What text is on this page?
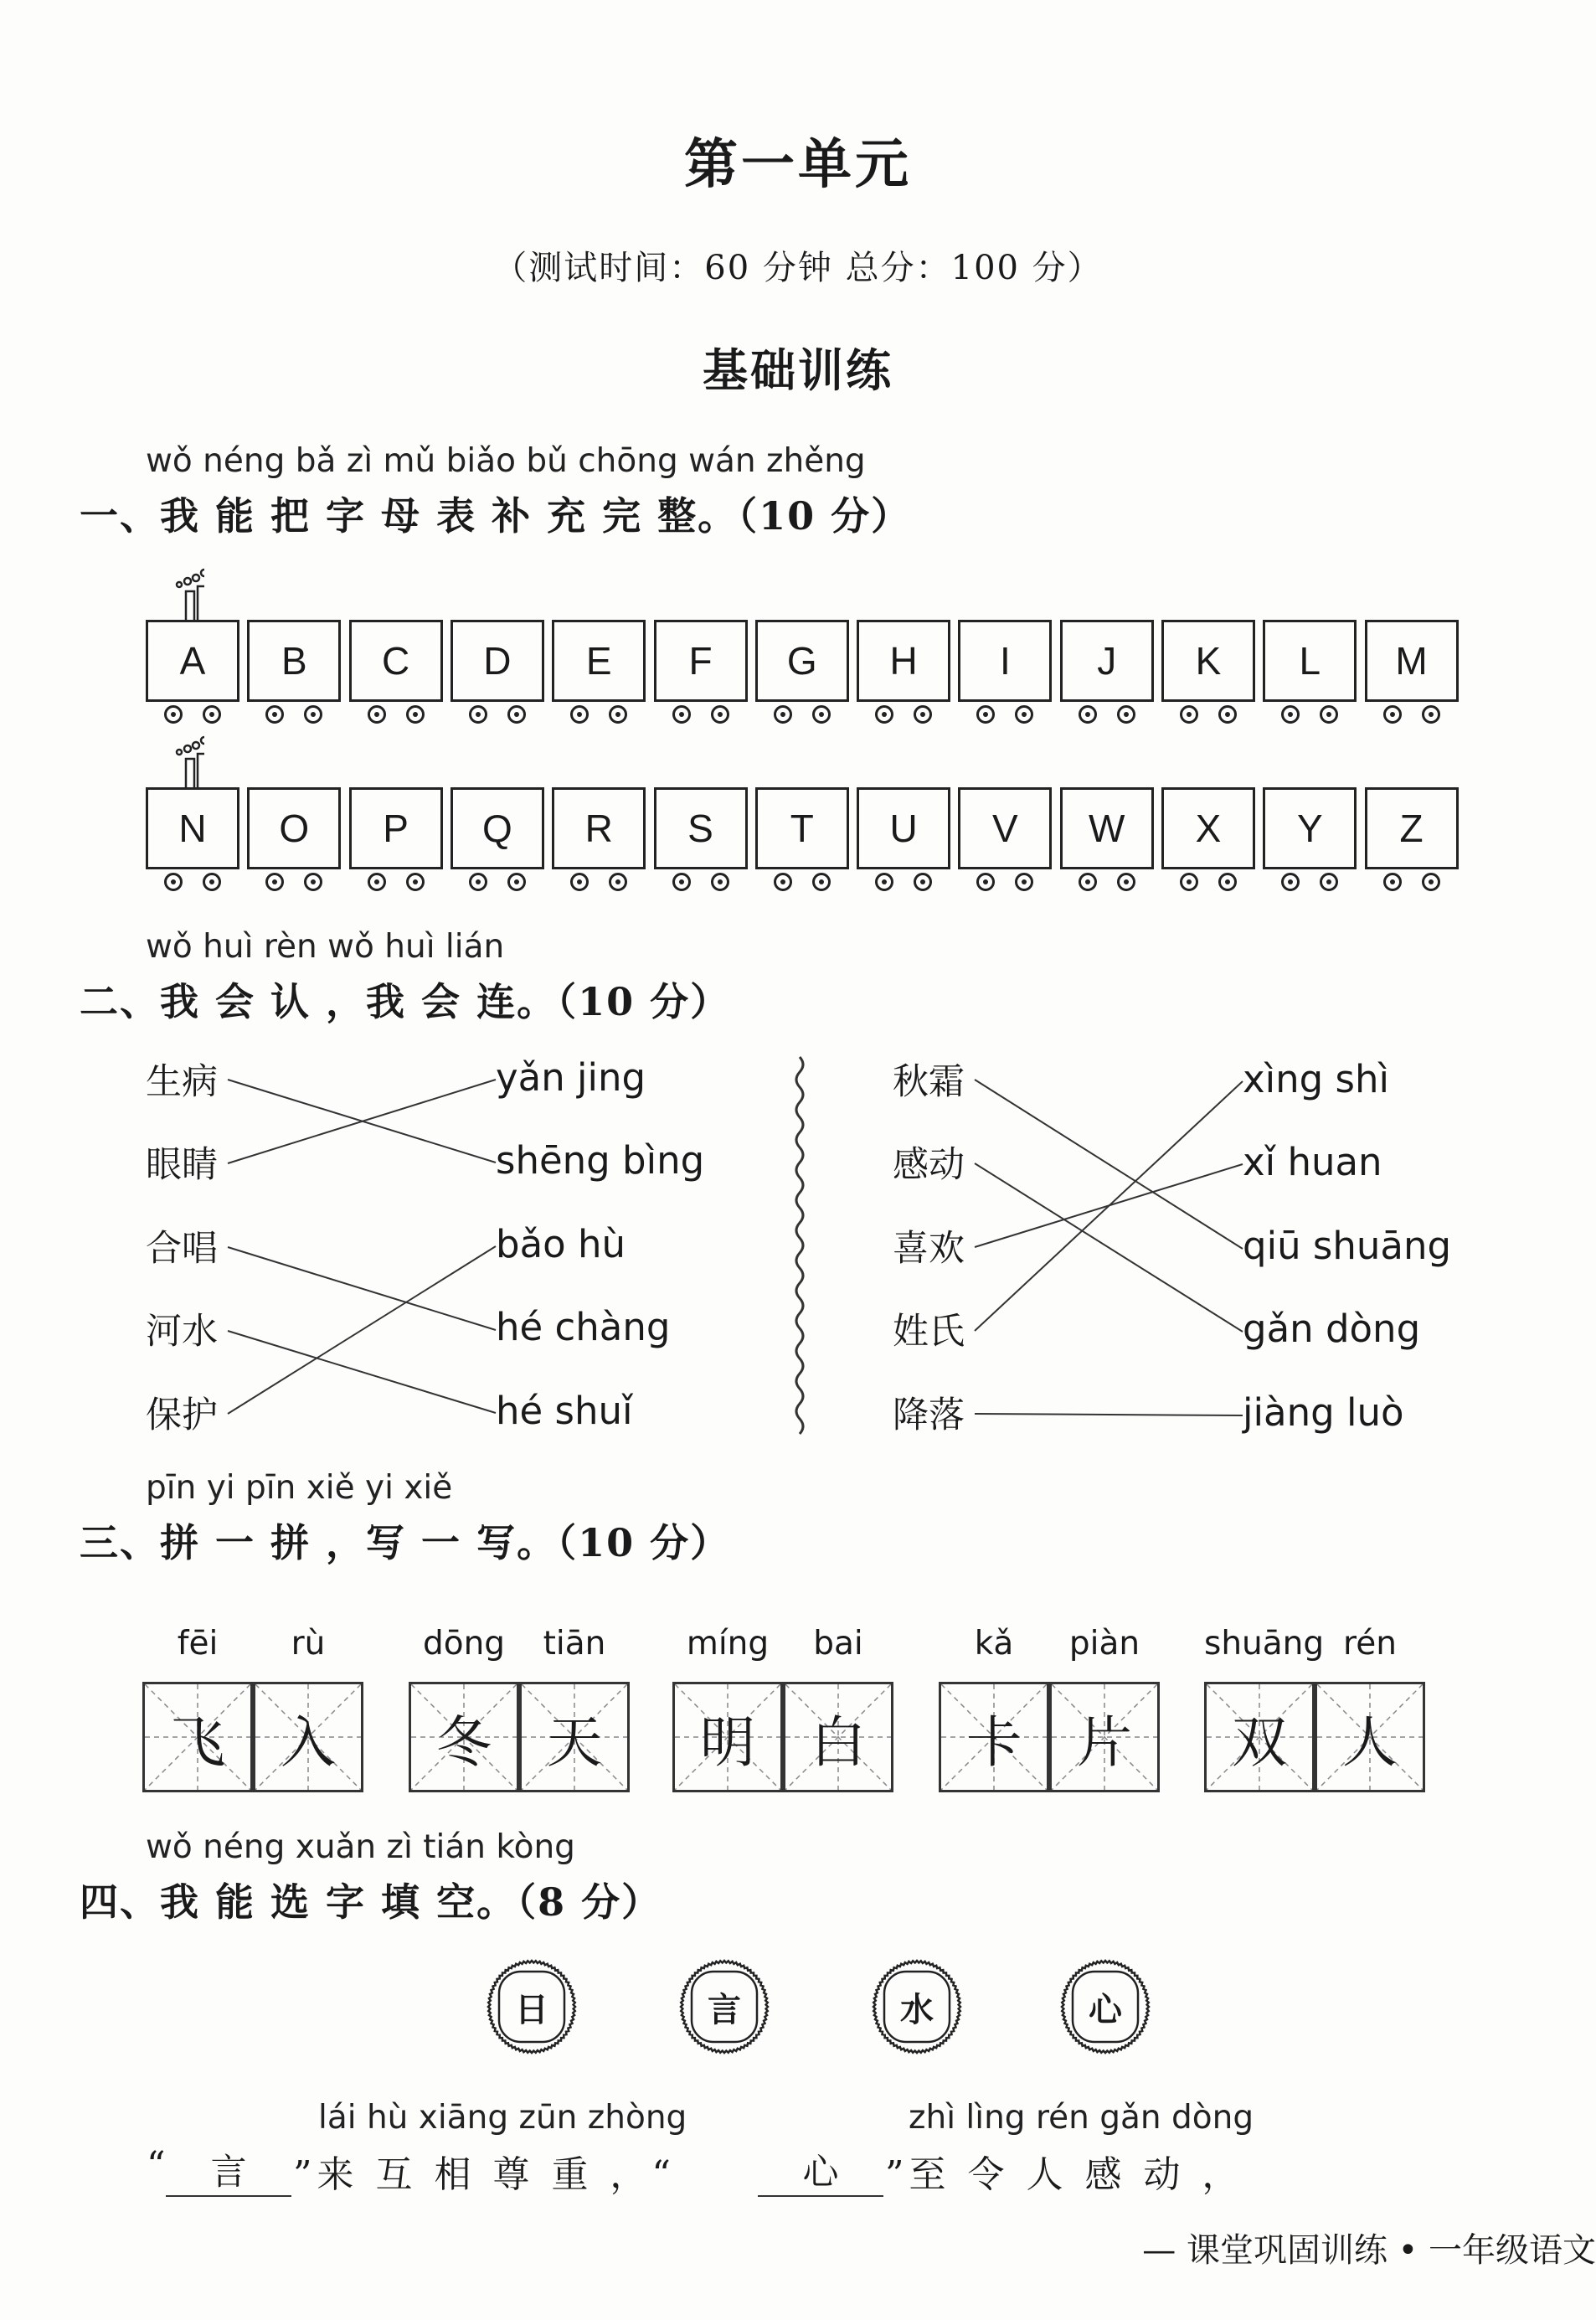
第一单元
（测试时间：60 分钟 总分：100 分）
基础训练
wǒ néng bǎ zì mǔ biǎo bǔ chōng wán zhěng
一、我 能 把 字 母 表 补 充 完 整。（10 分）
A	B	C	D	E	F	G	H	I	J	K	L	M
N	O	P	Q	R	S	T	U	V	W	X	Y	Z
wǒ huì rèn wǒ huì lián
二、我 会 认 ，我 会 连。（10 分）
生病
眼睛
合唱
河水
保护
yǎn jing
shēng bìng
bǎo hù
hé chàng
hé shuǐ
秋霜
感动
喜欢
姓氏
降落
xìng shì
xǐ huan
qiū shuāng
gǎn dòng
jiàng luò
pīn yi pīn xiě yi xiě
三、拼 一 拼 ，写 一 写。（10 分）
fēi
飞
rù
入
dōng
冬
tiān
天
míng
明
bai
白
kǎ
卡
piàn
片
shuāng
双
rén
人
wǒ néng xuǎn zì tián kòng
四、我 能 选 字 填 空。（8 分）
日	言	水	心
lái hù xiāng zūn zhòng	zhì lìng rén gǎn dòng
“	言	”来 互 相 尊 重 ，“	心	”至 令 人 感 动 ，
— 课堂巩固训练 • 一年级语文
